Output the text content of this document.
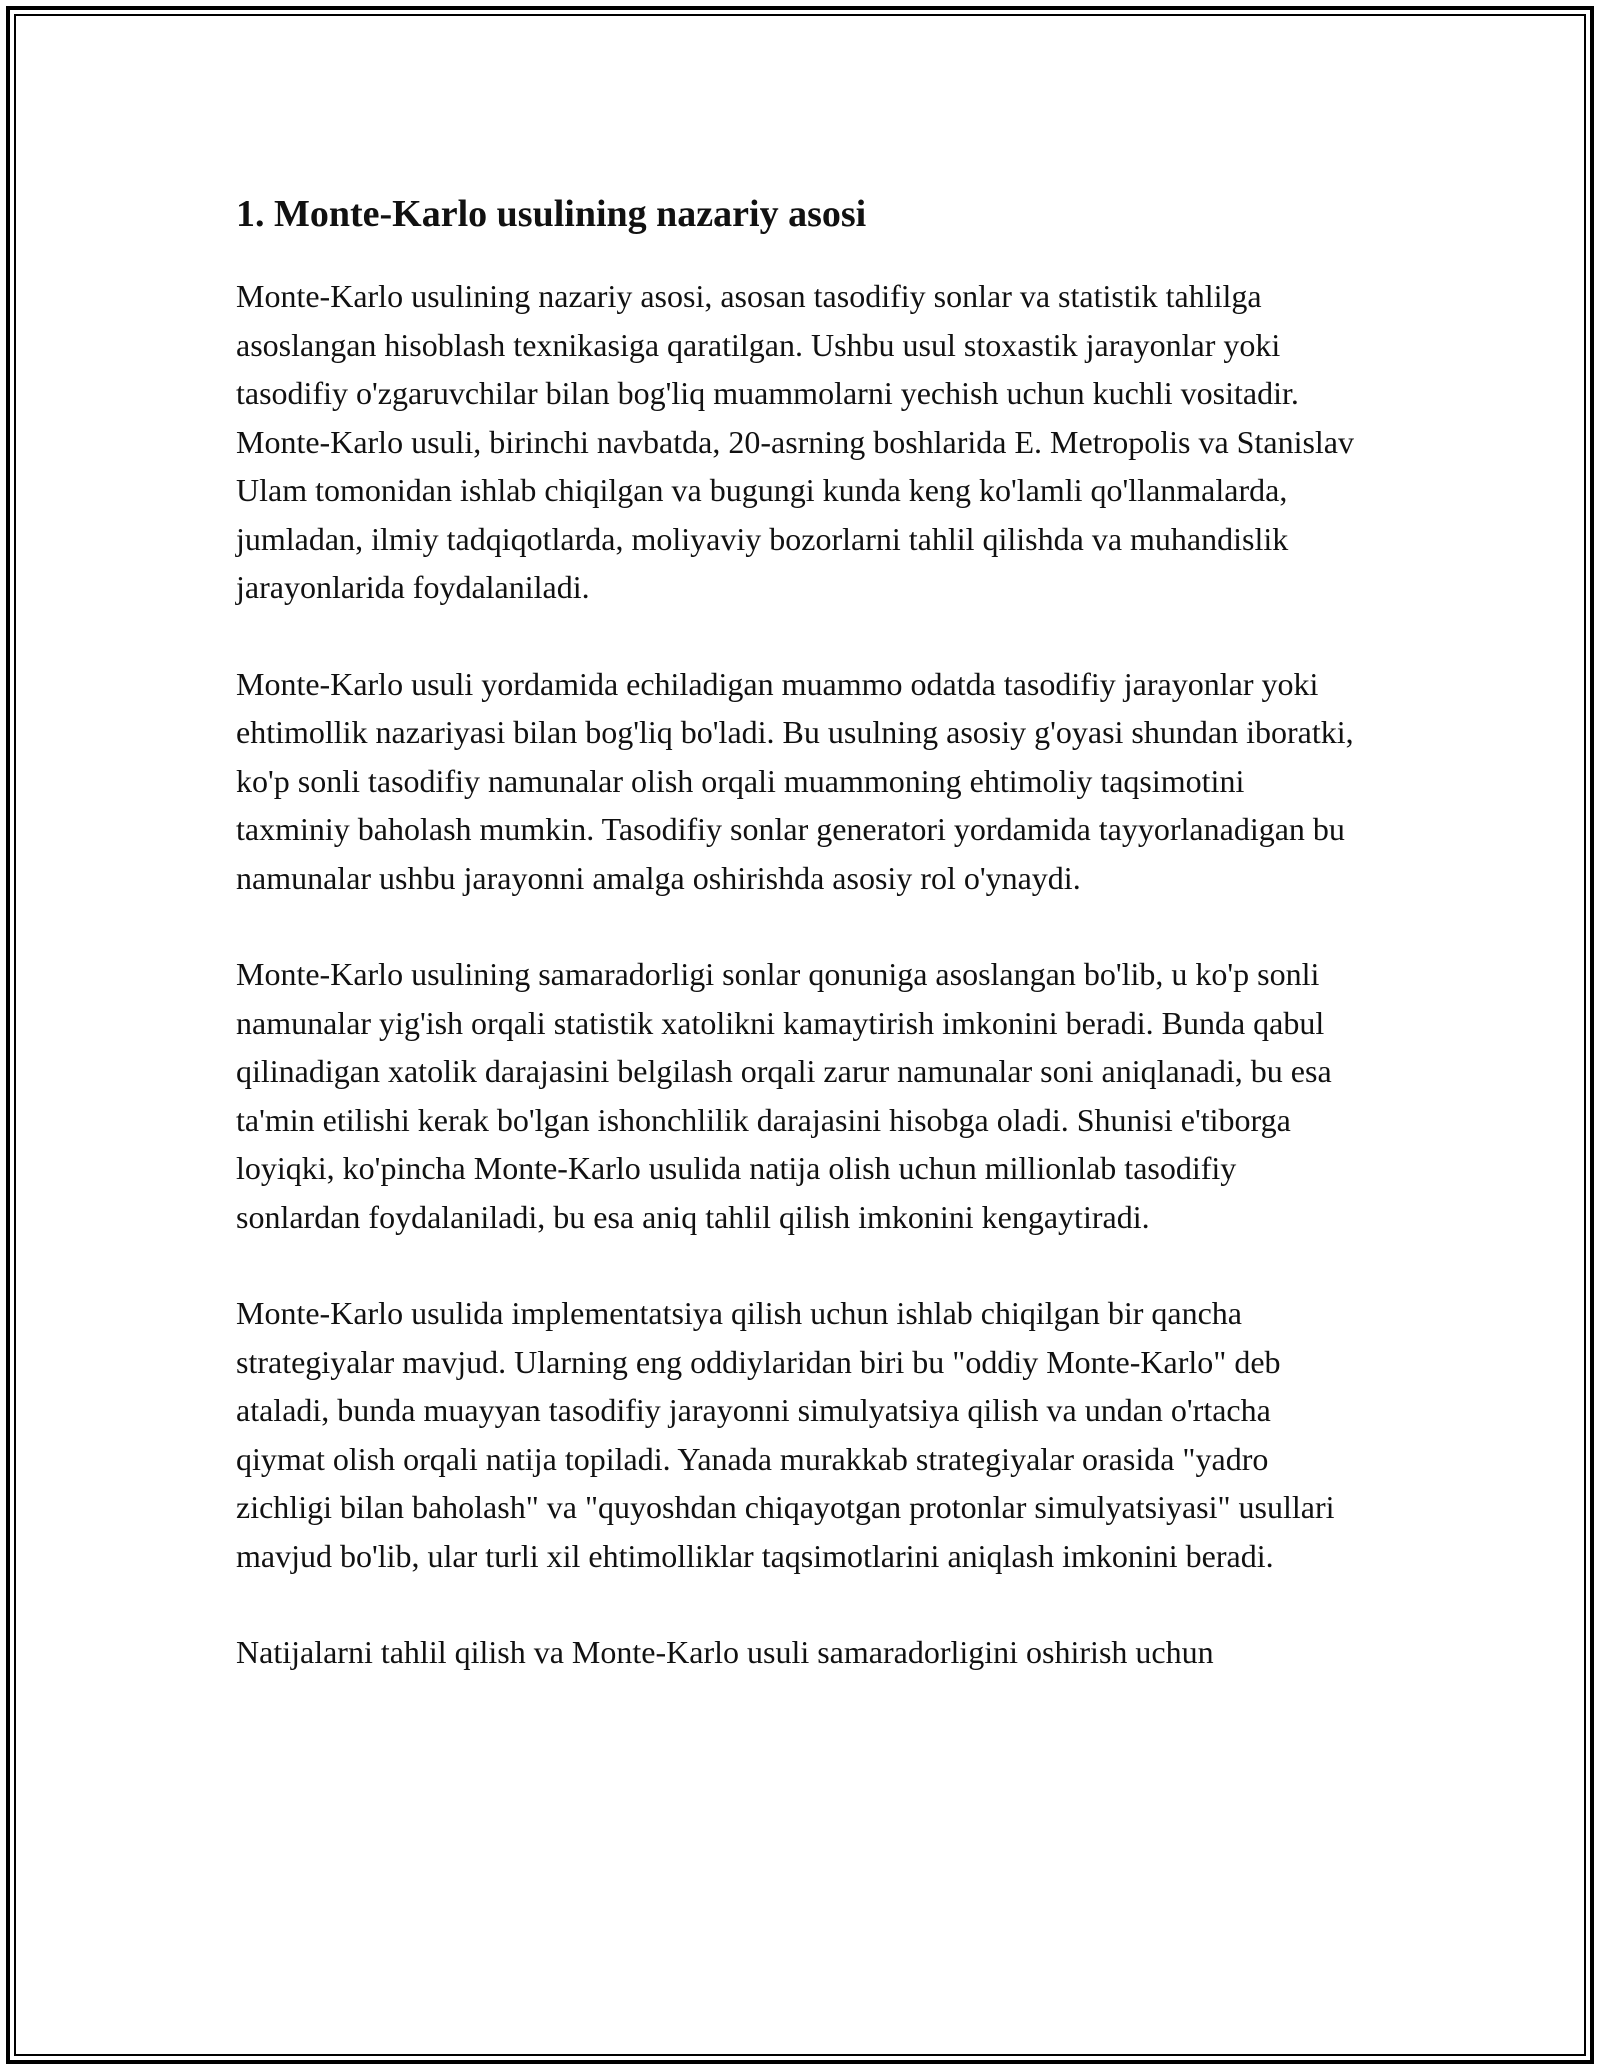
1. Monte-Karlo usulining nazariy asosi

Monte-Karlo usulining nazariy asosi, asosan tasodifiy sonlar va statistik tahlilga asoslangan hisoblash texnikasiga qaratilgan. Ushbu usul stoxastik jarayonlar yoki tasodifiy o'zgaruvchilar bilan bog'liq muammolarni yechish uchun kuchli vositadir. Monte-Karlo usuli, birinchi navbatda, 20-asrning boshlarida E. Metropolis va Stanislav Ulam tomonidan ishlab chiqilgan va bugungi kunda keng ko'lamli qo'llanmalarda, jumladan, ilmiy tadqiqotlarda, moliyaviy bozorlarni tahlil qilishda va muhandislik jarayonlarida foydalaniladi.

Monte-Karlo usuli yordamida echiladigan muammo odatda tasodifiy jarayonlar yoki ehtimollik nazariyasi bilan bog'liq bo'ladi. Bu usulning asosiy g'oyasi shundan iboratki, ko'p sonli tasodifiy namunalar olish orqali muammoning ehtimoliy taqsimotini taxminiy baholash mumkin. Tasodifiy sonlar generatori yordamida tayyorlanadigan bu namunalar ushbu jarayonni amalga oshirishda asosiy rol o'ynaydi.

Monte-Karlo usulining samaradorligi sonlar qonuniga asoslangan bo'lib, u ko'p sonli namunalar yig'ish orqali statistik xatolikni kamaytirish imkonini beradi. Bunda qabul qilinadigan xatolik darajasini belgilash orqali zarur namunalar soni aniqlanadi, bu esa ta'min etilishi kerak bo'lgan ishonchlilik darajasini hisobga oladi. Shunisi e'tiborga loyiqki, ko'pincha Monte-Karlo usulida natija olish uchun millionlab tasodifiy sonlardan foydalaniladi, bu esa aniq tahlil qilish imkonini kengaytiradi.

Monte-Karlo usulida implementatsiya qilish uchun ishlab chiqilgan bir qancha strategiyalar mavjud. Ularning eng oddiylaridan biri bu "oddiy Monte-Karlo" deb ataladi, bunda muayyan tasodifiy jarayonni simulyatsiya qilish va undan o'rtacha qiymat olish orqali natija topiladi. Yanada murakkab strategiyalar orasida "yadro zichligi bilan baholash" va "quyoshdan chiqayotgan protonlar simulyatsiyasi" usullari mavjud bo'lib, ular turli xil ehtimolliklar taqsimotlarini aniqlash imkonini beradi.

Natijalarni tahlil qilish va Monte-Karlo usuli samaradorligini oshirish uchun
